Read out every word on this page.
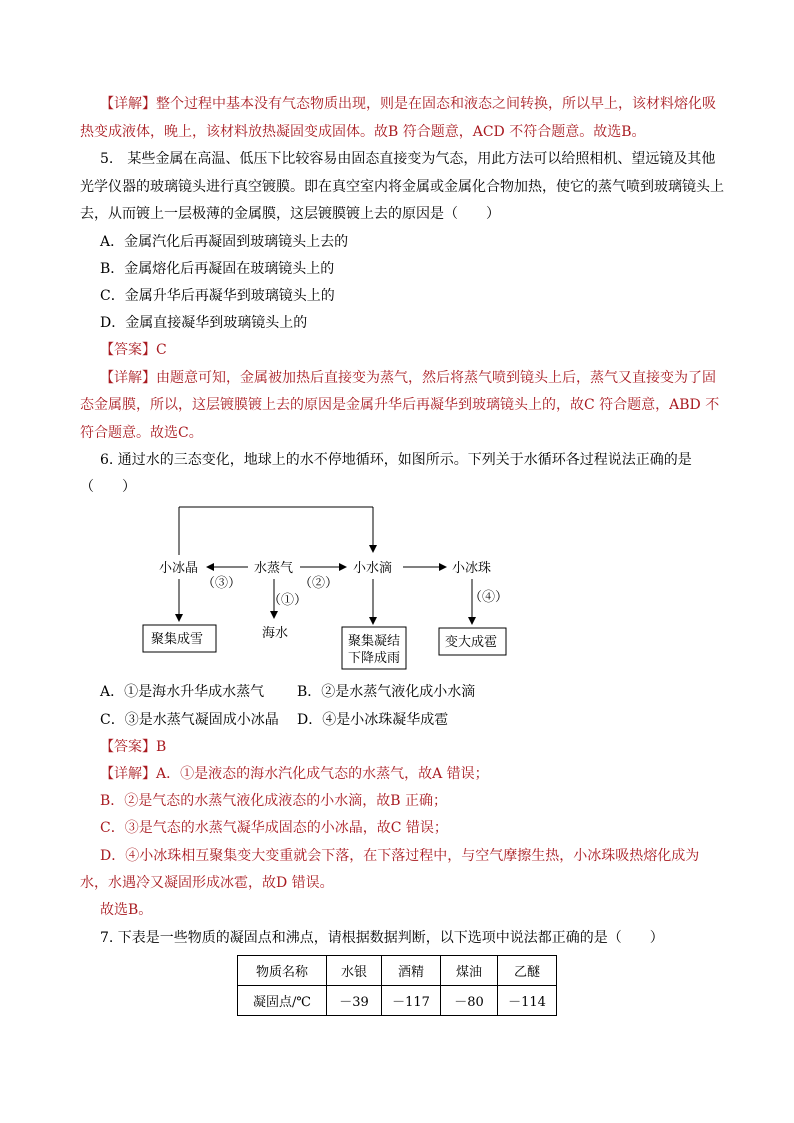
【详解】整个过程中基本没有气态物质出现，则是在固态和液态之间转换，所以早上，该材料熔化吸
热变成液体，晚上，该材料放热凝固变成固体。故B 符合题意，ACD 不符合题意。故选B。
5.　某些金属在高温、低压下比较容易由固态直接变为气态，用此方法可以给照相机、望远镜及其他
光学仪器的玻璃镜头进行真空镀膜。即在真空室内将金属或金属化合物加热，使它的蒸气喷到玻璃镜头上
去，从而镀上一层极薄的金属膜，这层镀膜镀上去的原因是（　　）
A．金属汽化后再凝固到玻璃镜头上去的
B．金属熔化后再凝固在玻璃镜头上的
C．金属升华后再凝华到玻璃镜头上的
D．金属直接凝华到玻璃镜头上的
【答案】C
【详解】由题意可知，金属被加热后直接变为蒸气，然后将蒸气喷到镜头上后，蒸气又直接变为了固
态金属膜，所以，这层镀膜镀上去的原因是金属升华后再凝华到玻璃镜头上的，故C 符合题意，ABD 不
符合题意。故选C。
6. 通过水的三态变化，地球上的水不停地循环，如图所示。下列关于水循环各过程说法正确的是
（　　）
小冰晶	水蒸气	小水滴	小冰珠
（③）	（②）
（①）	（④）
聚集成雪	海水
聚集凝结
下降成雨
变大成雹
A．①是海水升华成水蒸气 B．②是水蒸气液化成小水滴
C．③是水蒸气凝固成小冰晶 D．④是小冰珠凝华成雹
【答案】B
【详解】A．①是液态的海水汽化成气态的水蒸气，故A 错误；
B．②是气态的水蒸气液化成液态的小水滴，故B 正确；
C．③是气态的水蒸气凝华成固态的小冰晶，故C 错误；
D．④小冰珠相互聚集变大变重就会下落，在下落过程中，与空气摩擦生热，小冰珠吸热熔化成为
水，水遇冷又凝固形成冰雹，故D 错误。
故选B。
7. 下表是一些物质的凝固点和沸点，请根据数据判断，以下选项中说法都正确的是（　　）
物质名称	水银	酒精	煤油	乙醚
凝固点/℃	－39	－117	－80	－114
